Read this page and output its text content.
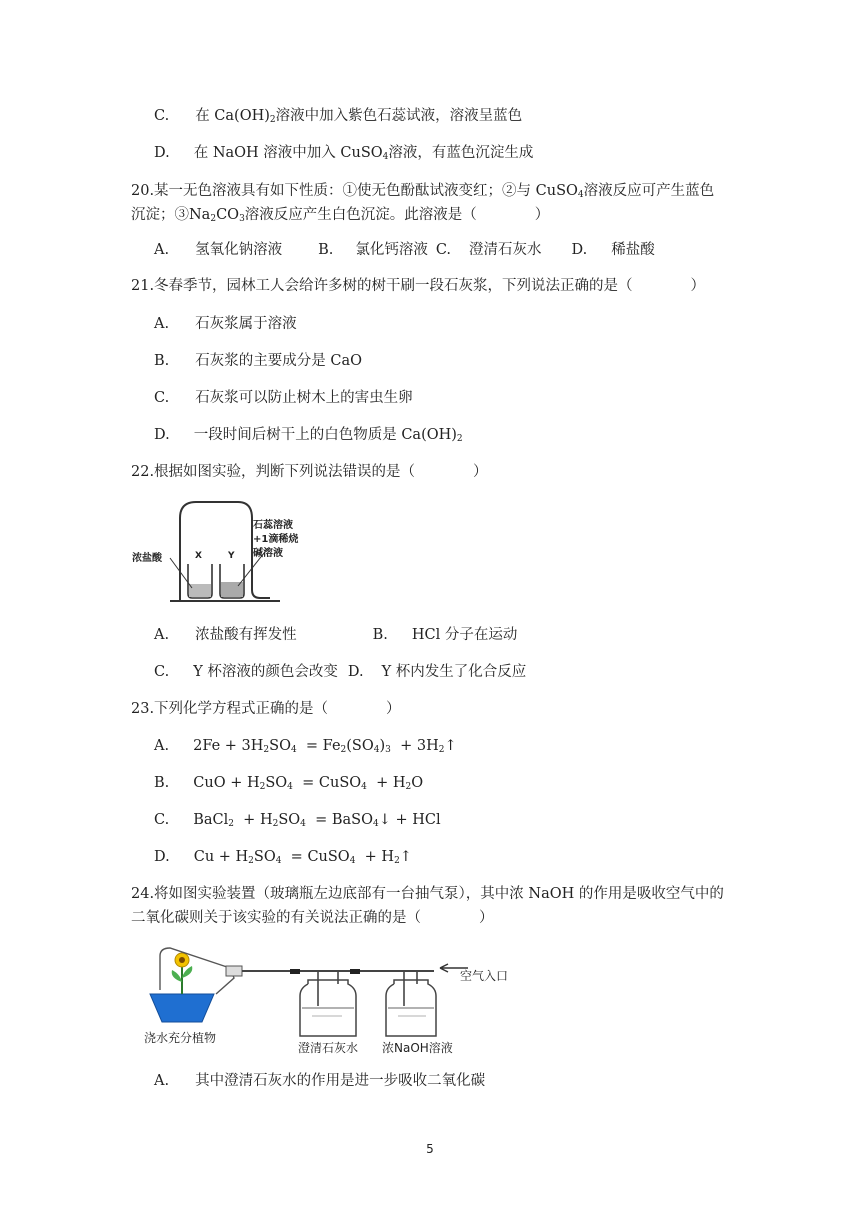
C. 在 $Ca(OH)_2$溶液中加入紫色石蕊试液，溶液呈蓝色
D. 在 NaOH 溶液中加入 CuSO$_4$溶液，有蓝色沉淀生成
20.某一无色溶液具有如下性质：①使无色酚酞试液变红；②与 CuSO$_4$溶液反应可产生蓝色
沉淀；$③Na_2CO_3$溶液反应产生白色沉淀。此溶液是（　　　　）
A. 氢氧化钠溶液 B. 氯化钙溶液 C. 澄清石灰水 D. 稀盐酸
21.冬春季节，园林工人会给许多树的树干刷一段石灰浆，下列说法正确的是（　　　　）
A. 石灰浆属于溶液
B. 石灰浆的主要成分是 CaO
C. 石灰浆可以防止树木上的害虫生卵
D. 一段时间后树干上的白色物质是 $Ca(OH)_2$
22.根据如图实验，判断下列说法错误的是（　　　　）
浓盐酸	X	Y
石蕊溶液
+1滴稀烧
碱溶液
A. 浓盐酸有挥发性	B. HCl 分子在运动
C. Y 杯溶液的颜色会改变 D. Y 杯内发生了化合反应
23.下列化学方程式正确的是（　　　　）
A. $2Fe + 3H_2SO_4 = Fe_2(SO_4)_3$  + $3H_2↑$
B. CuO + $H_2SO_4$  = CuSO$_4$  + $H_2O$
C. BaCl$_2$  + $H_2SO_4$  = BaSO$_4$↓ + HCl
D. $Cu + H_2SO_4$  = CuSO$_4$  + $H_2↑$
24.将如图实验装置（玻璃瓶左边底部有一台抽气泵），其中浓 NaOH 的作用是吸收空气中的
二氧化碳则关于该实验的有关说法正确的是（　　　　）
空气入口
浇水充分植物
澄清石灰水 浓NaOH溶液
A. 其中澄清石灰水的作用是进一步吸收二氧化碳
5
